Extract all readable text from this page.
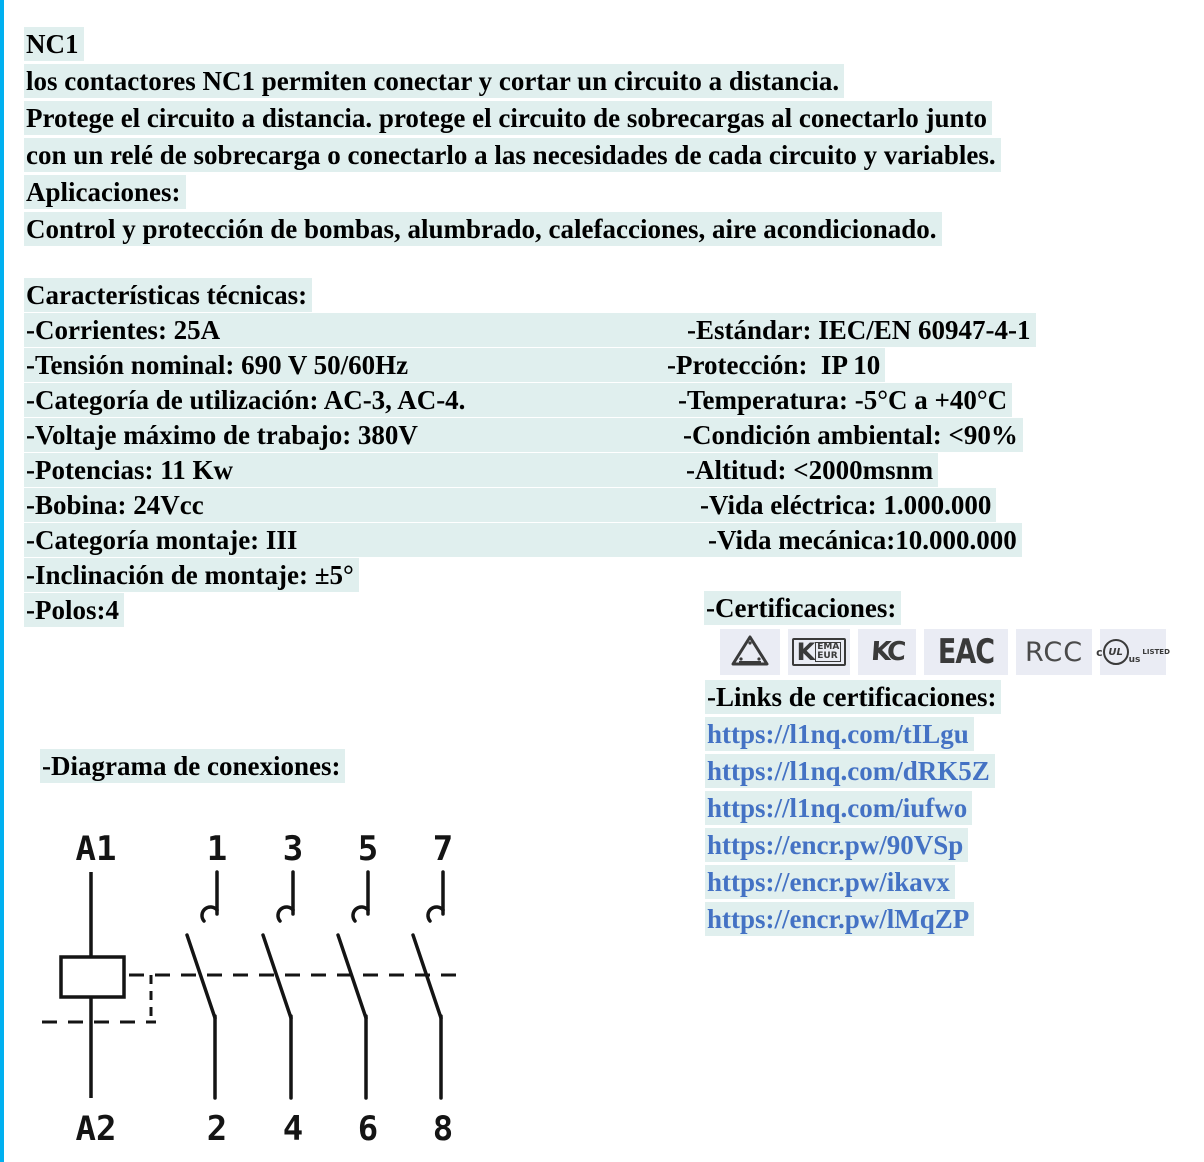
NC1
los contactores NC1 permiten conectar y cortar un circuito a distancia.
Protege el circuito a distancia. protege el circuito de sobrecargas al conectarlo junto
con un relé de sobrecarga o conectarlo a las necesidades de cada circuito y variables.
Aplicaciones:
Control y protección de bombas, alumbrado, calefacciones, aire acondicionado.
Características técnicas:
-Corrientes: 25A	-Estándar: IEC/EN 60947-4-1
-Tensión nominal: 690 V 50/60Hz	-Protección:  IP 10
-Categoría de utilización: AC-3, AC-4.	-Temperatura: -5°C a +40°C
-Voltaje máximo de trabajo: 380V	-Condición ambiental: <90%
-Potencias: 11 Kw	-Altitud: <2000msnm
-Bobina: 24Vcc	-Vida eléctrica: 1.000.000
-Categoría montaje: III	-Vida mecánica:10.000.000
-Inclinación de montaje: ±5°
-Polos:4	-Certificaciones:
K EMA
EUR KC EAC RCC c UL
us
LISTED
-Links de certificaciones:
https://l1nq.com/tILgu
https://l1nq.com/dRK5Z
https://l1nq.com/iufwo
https://encr.pw/90VSp
https://encr.pw/ikavx
https://encr.pw/lMqZP
-Diagrama de conexiones:
A1	1 3 5 7
A2	2 4 6 8
